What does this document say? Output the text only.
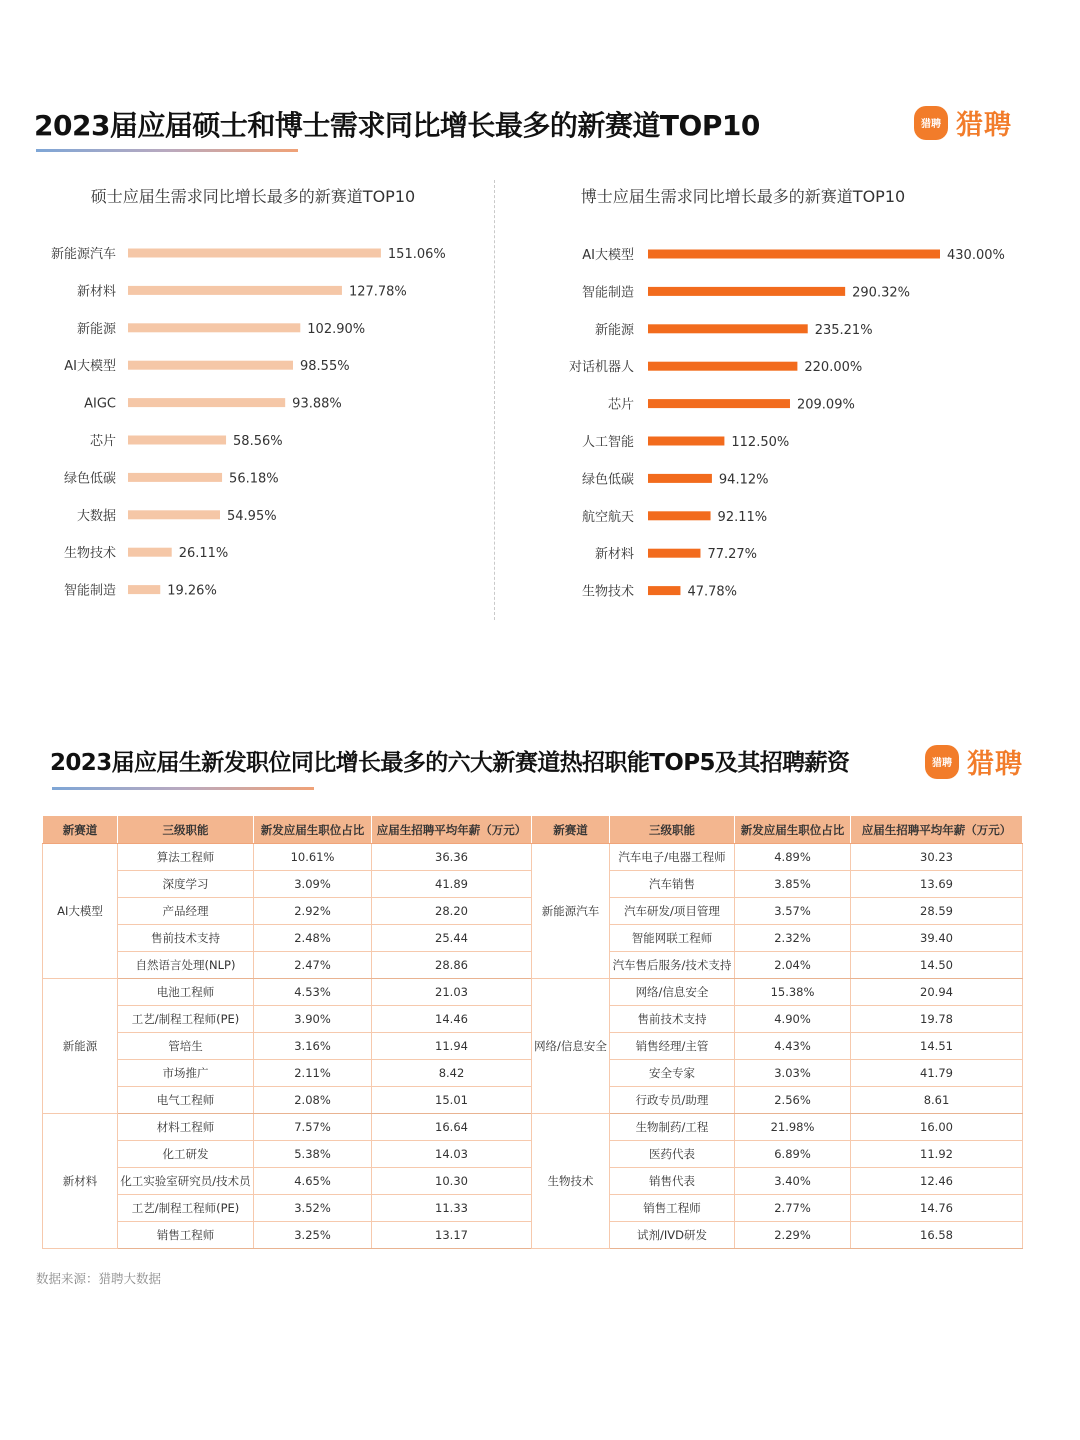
2023届应届硕士和博士需求同比增长最多的新赛道TOP10	猎聘 猎聘
硕士应届生需求同比增长最多的新赛道TOP10	博士应届生需求同比增长最多的新赛道TOP10
新能源汽车	151.06%
新材料	127.78%
新能源	102.90%
AI大模型	98.55%
AIGC	93.88%
芯片	58.56%
绿色低碳	56.18%
大数据	54.95%
生物技术	26.11%
智能制造	19.26%
AI大模型	430.00%
智能制造	290.32%
新能源	235.21%
对话机器人	220.00%
芯片	209.09%
人工智能	112.50%
绿色低碳	94.12%
航空航天	92.11%
新材料	77.27%
生物技术	47.78%
2023届应届生新发职位同比增长最多的六大新赛道热招职能TOP5及其招聘薪资	猎聘 猎聘
新赛道	三级职能	新发应届生职位占比	应届生招聘平均年薪（万元）	新赛道	三级职能	新发应届生职位占比	应届生招聘平均年薪（万元）
AI大模型	算法工程师	10.61%	36.36	新能源汽车	汽车电子/电器工程师	4.89%	30.23
	深度学习	3.09%	41.89		汽车销售	3.85%	13.69
	产品经理	2.92%	28.20		汽车研发/项目管理	3.57%	28.59
	售前技术支持	2.48%	25.44		智能网联工程师	2.32%	39.40
	自然语言处理(NLP)	2.47%	28.86		汽车售后服务/技术支持	2.04%	14.50
新能源	电池工程师	4.53%	21.03	网络/信息安全	网络/信息安全	15.38%	20.94
	工艺/制程工程师(PE)	3.90%	14.46		售前技术支持	4.90%	19.78
	管培生	3.16%	11.94		销售经理/主管	4.43%	14.51
	市场推广	2.11%	8.42		安全专家	3.03%	41.79
	电气工程师	2.08%	15.01		行政专员/助理	2.56%	8.61
新材料	材料工程师	7.57%	16.64	生物技术	生物制药/工程	21.98%	16.00
	化工研发	5.38%	14.03		医药代表	6.89%	11.92
	化工实验室研究员/技术员	4.65%	10.30		销售代表	3.40%	12.46
	工艺/制程工程师(PE)	3.52%	11.33		销售工程师	2.77%	14.76
	销售工程师	3.25%	13.17		试剂/IVD研发	2.29%	16.58
数据来源：猎聘大数据
